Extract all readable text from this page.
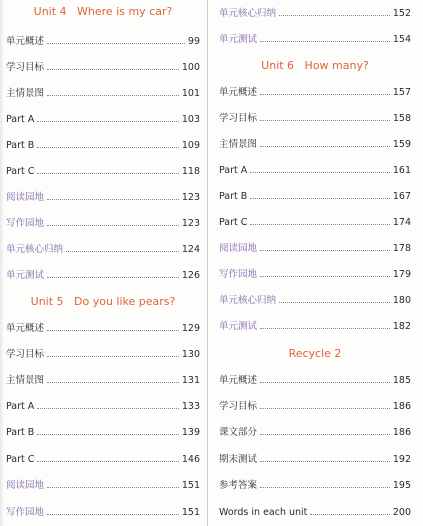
Unit 4   Where is my car?
单元概述	99
学习目标	100
主情景图	101
Part A	103
Part B	109
Part C	118
阅读园地	123
写作园地	123
单元核心归纳	124
单元测试	126
Unit 5   Do you like pears?
单元概述	129
学习目标	130
主情景图	131
Part A	133
Part B	139
Part C	146
阅读园地	151
写作园地	151
单元核心归纳	152
单元测试	154
Unit 6   How many?
单元概述	157
学习目标	158
主情景图	159
Part A	161
Part B	167
Part C	174
阅读园地	178
写作园地	179
单元核心归纳	180
单元测试	182
Recycle 2
单元概述	185
学习目标	186
课文部分	186
期末测试	192
参考答案	195
Words in each unit	200
